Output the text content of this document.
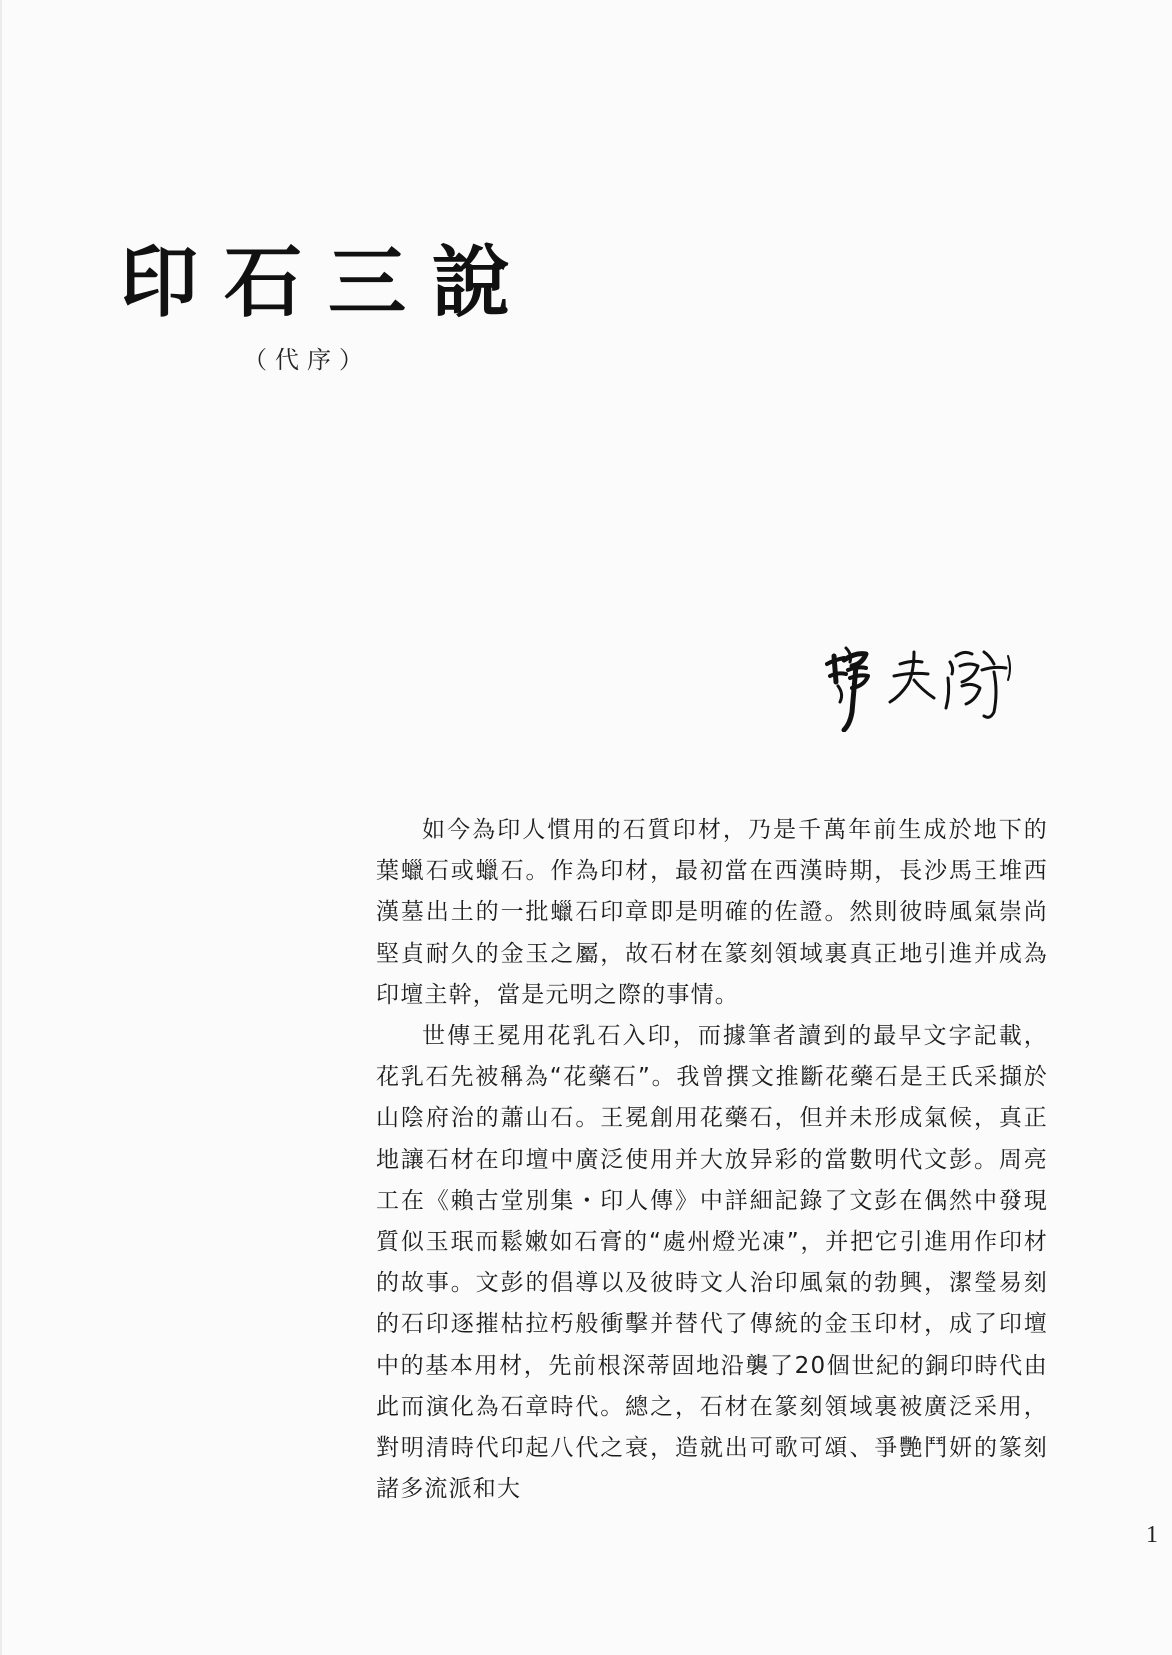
印石三說
（代序）

如今為印人慣用的石質印材，乃是千萬年前生成於地下的葉蠟石或蠟石。作為印材，最初當在西漢時期，長沙馬王堆西漢墓出土的一批蠟石印章即是明確的佐證。然則彼時風氣崇尚堅貞耐久的金玉之屬，故石材在篆刻領域裏真正地引進并成為印壇主幹，當是元明之際的事情。

世傳王冕用花乳石入印，而據筆者讀到的最早文字記載，花乳石先被稱為“花藥石”。我曾撰文推斷花藥石是王氏采擷於山陰府治的蕭山石。王冕創用花藥石，但并未形成氣候，真正地讓石材在印壇中廣泛使用并大放异彩的當數明代文彭。周亮工在《賴古堂別集・印人傳》中詳細記錄了文彭在偶然中發現質似玉珉而鬆嫩如石膏的“處州燈光凍”，并把它引進用作印材的故事。文彭的倡導以及彼時文人治印風氣的勃興，潔瑩易刻的石印逐摧枯拉朽般衝擊并替代了傳統的金玉印材，成了印壇中的基本用材，先前根深蒂固地沿襲了20個世紀的銅印時代由此而演化為石章時代。總之，石材在篆刻領域裏被廣泛采用，對明清時代印起八代之衰，造就出可歌可頌、爭艷鬥妍的篆刻諸多流派和大

1
